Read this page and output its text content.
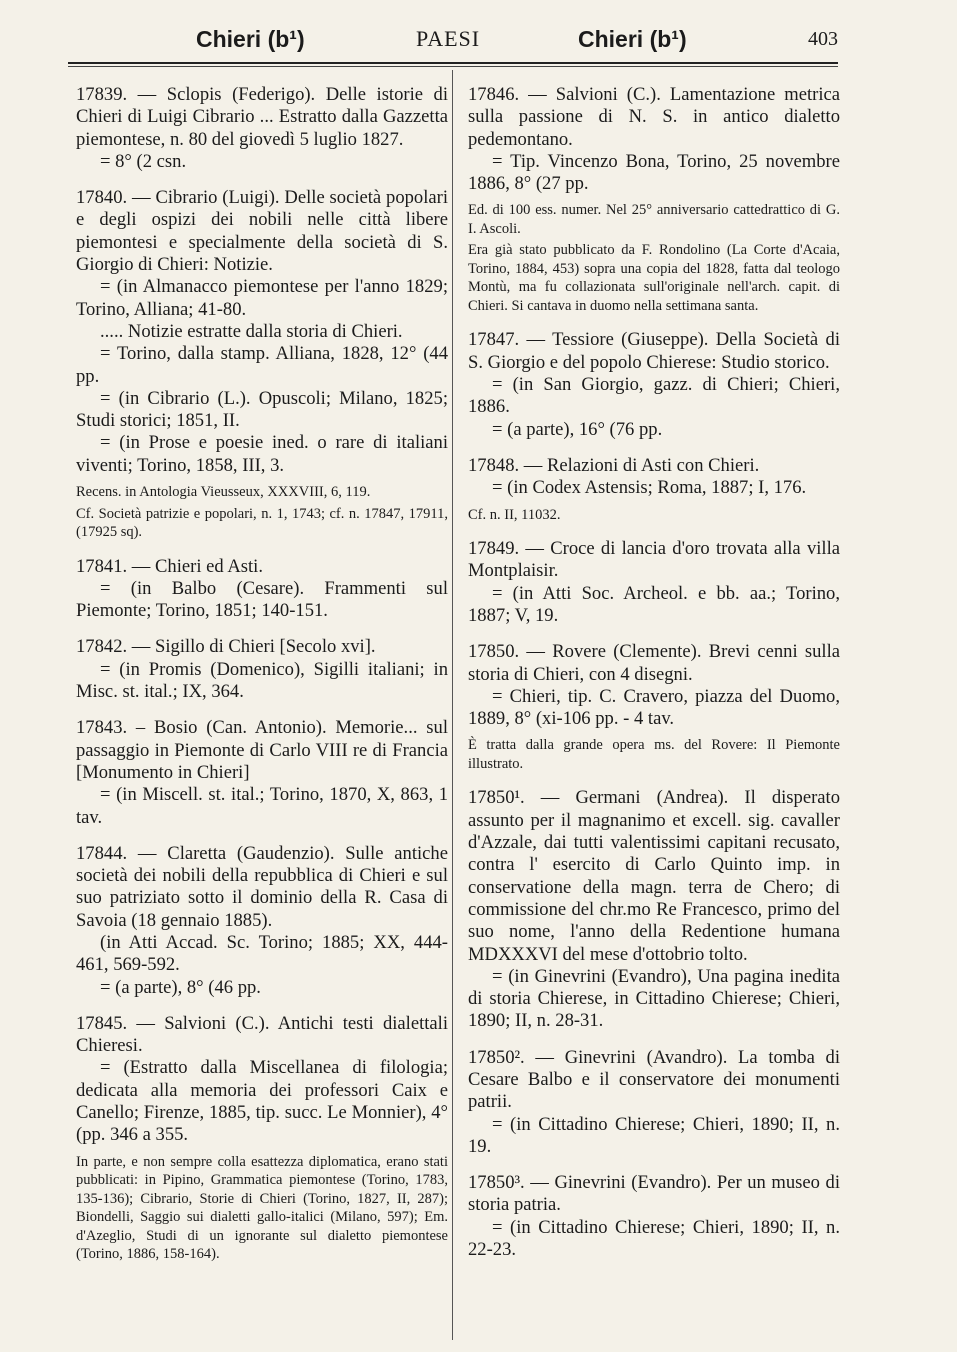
Chieri (b¹)	PAESI	Chieri (b¹)	403

17839. — Sclopis (Federigo). Delle istorie di Chieri di Luigi Cibrario ... Estratto dalla Gazzetta piemontese, n. 80 del giovedì 5 luglio 1827.

= 8° (2 csn.

17840. — Cibrario (Luigi). Delle società popolari e degli ospizi dei nobili nelle città libere piemontesi e specialmente della società di S. Giorgio di Chieri: Notizie.

= (in Almanacco piemontese per l'anno 1829; Torino, Alliana; 41-80.

..... Notizie estratte dalla storia di Chieri.

= Torino, dalla stamp. Alliana, 1828, 12° (44 pp.

= (in Cibrario (L.). Opuscoli; Milano, 1825; Studi storici; 1851, II.

= (in Prose e poesie ined. o rare di italiani viventi; Torino, 1858, III, 3.

Recens. in Antologia Vieusseux, XXXVIII, 6, 119.

Cf. Società patrizie e popolari, n. 1, 1743; cf. n. 17847, 17911, (17925 sq).

17841. — Chieri ed Asti.

= (in Balbo (Cesare). Frammenti sul Piemonte; Torino, 1851; 140-151.

17842. — Sigillo di Chieri [Secolo xvi].

= (in Promis (Domenico), Sigilli italiani; in Misc. st. ital.; IX, 364.

17843. – Bosio (Can. Antonio). Memorie... sul passaggio in Piemonte di Carlo VIII re di Francia [Monumento in Chieri]

= (in Miscell. st. ital.; Torino, 1870, X, 863, 1 tav.

17844. — Claretta (Gaudenzio). Sulle antiche società dei nobili della repubblica di Chieri e sul suo patriziato sotto il dominio della R. Casa di Savoia (18 gennaio 1885).

(in Atti Accad. Sc. Torino; 1885; XX, 444-461, 569-592.

= (a parte), 8° (46 pp.

17845. — Salvioni (C.). Antichi testi dialettali Chieresi.

= (Estratto dalla Miscellanea di filologia; dedicata alla memoria dei professori Caix e Canello; Firenze, 1885, tip. succ. Le Monnier), 4° (pp. 346 a 355.

In parte, e non sempre colla esattezza diplomatica, erano stati pubblicati: in Pipino, Grammatica piemontese (Torino, 1783, 135-136); Cibrario, Storie di Chieri (Torino, 1827, II, 287); Biondelli, Saggio sui dialetti gallo-italici (Milano, 597); Em. d'Azeglio, Studi di un ignorante sul dialetto piemontese (Torino, 1886, 158-164).

17846. — Salvioni (C.). Lamentazione metrica sulla passione di N. S. in antico dialetto pedemontano.

= Tip. Vincenzo Bona, Torino, 25 novembre 1886, 8° (27 pp.

Ed. di 100 ess. numer. Nel 25° anniversario cattedrattico di G. I. Ascoli.

Era già stato pubblicato da F. Rondolino (La Corte d'Acaia, Torino, 1884, 453) sopra una copia del 1828, fatta dal teologo Montù, ma fu collazionata sull'originale nell'arch. capit. di Chieri. Si cantava in duomo nella settimana santa.

17847. — Tessiore (Giuseppe). Della Società di S. Giorgio e del popolo Chierese: Studio storico.

= (in San Giorgio, gazz. di Chieri; Chieri, 1886.

= (a parte), 16° (76 pp.

17848. — Relazioni di Asti con Chieri.

= (in Codex Astensis; Roma, 1887; I, 176.

Cf. n. II, 11032.

17849. — Croce di lancia d'oro trovata alla villa Montplaisir.

= (in Atti Soc. Archeol. e bb. aa.; Torino, 1887; V, 19.

17850. — Rovere (Clemente). Brevi cenni sulla storia di Chieri, con 4 disegni.

= Chieri, tip. C. Cravero, piazza del Duomo, 1889, 8° (xi-106 pp. - 4 tav.

È tratta dalla grande opera ms. del Rovere: Il Piemonte illustrato.

17850¹. — Germani (Andrea). Il disperato assunto per il magnanimo et excell. sig. cavaller d'Azzale, dai tutti valentissimi capitani recusato, contra l' esercito di Carlo Quinto imp. in conservatione della magn. terra de Chero; di commissione del chr.mo Re Francesco, primo del suo nome, l'anno della Redentione humana MDXXXVI del mese d'ottobrio tolto.

= (in Ginevrini (Evandro), Una pagina inedita di storia Chierese, in Cittadino Chierese; Chieri, 1890; II, n. 28-31.

17850². — Ginevrini (Avandro). La tomba di Cesare Balbo e il conservatore dei monumenti patrii.

= (in Cittadino Chierese; Chieri, 1890; II, n. 19.

17850³. — Ginevrini (Evandro). Per un museo di storia patria.

= (in Cittadino Chierese; Chieri, 1890; II, n. 22-23.
